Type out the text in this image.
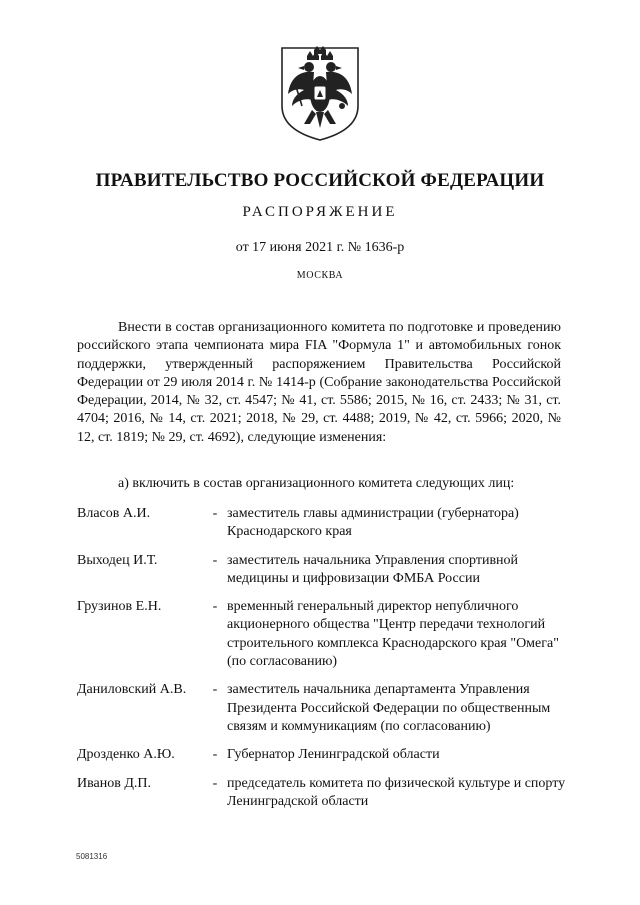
ПРАВИТЕЛЬСТВО РОССИЙСКОЙ ФЕДЕРАЦИИ
РАСПОРЯЖЕНИЕ
от 17 июня 2021 г. № 1636-р
МОСКВА
Внести в состав организационного комитета по подготовке и проведению российского этапа чемпионата мира FIA "Формула 1" и автомобильных гонок поддержки, утвержденный распоряжением Правительства Российской Федерации от 29 июля 2014 г. № 1414-р (Собрание законодательства Российской Федерации, 2014, № 32, ст. 4547; № 41, ст. 5586; 2015, № 16, ст. 2433; № 31, ст. 4704; 2016, № 14, ст. 2021; 2018, № 29, ст. 4488; 2019, № 42, ст. 5966; 2020, № 12, ст. 1819; № 29, ст. 4692), следующие изменения:
а) включить в состав организационного комитета следующих лиц:
Власов А.И.	- заместитель главы администрации (губернатора) Краснодарского края
Выходец И.Т.	- заместитель начальника Управления спортивной медицины и цифровизации ФМБА России
Грузинов Е.Н.	- временный генеральный директор непубличного акционерного общества "Центр передачи технологий строительного комплекса Краснодарского края "Омега" (по согласованию)
Даниловский А.В.	- заместитель начальника департамента Управления Президента Российской Федерации по общественным связям и коммуникациям (по согласованию)
Дрозденко А.Ю.	- Губернатор Ленинградской области
Иванов Д.П.	- председатель комитета по физической культуре и спорту Ленинградской области
5081316
